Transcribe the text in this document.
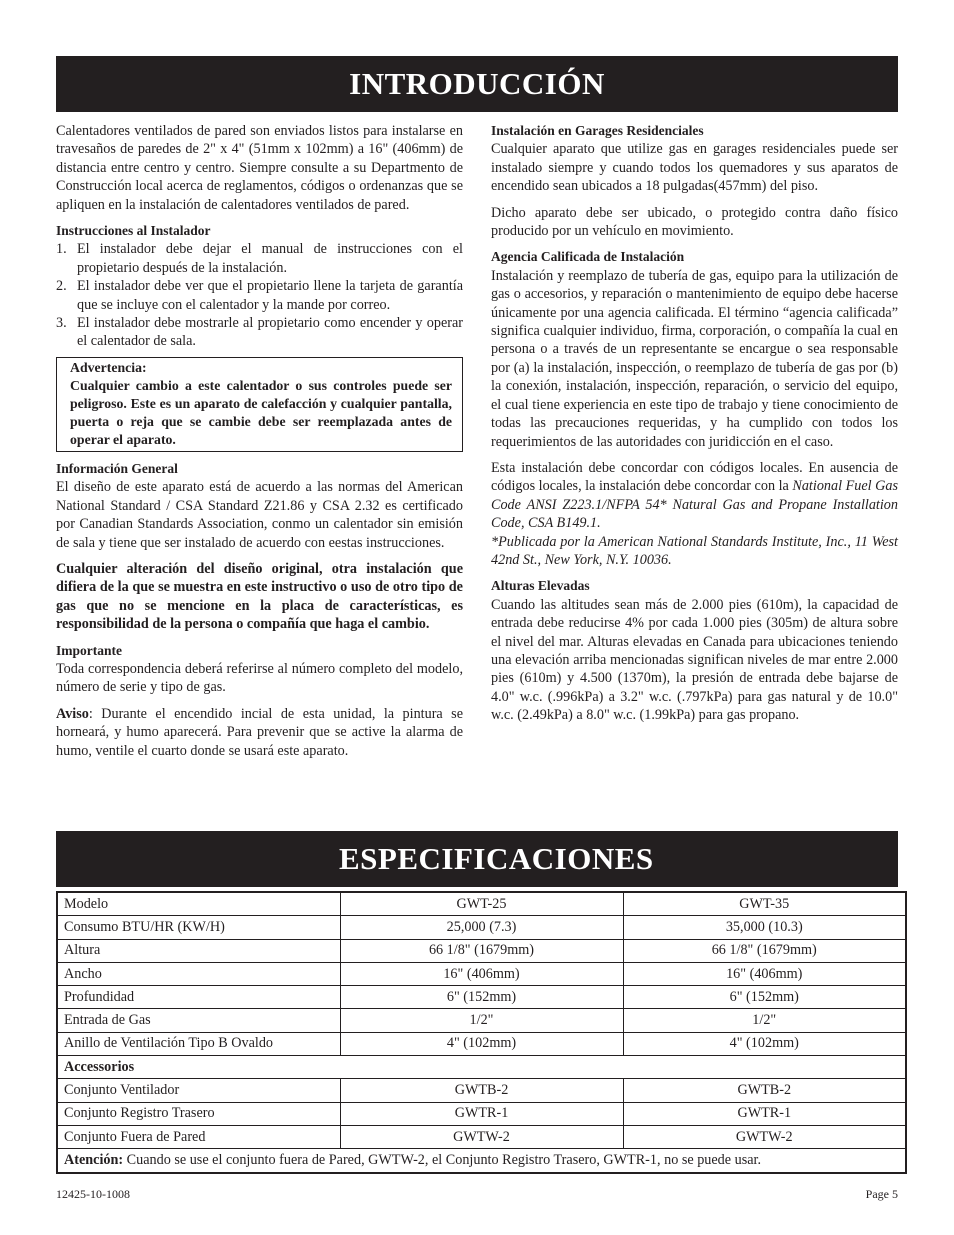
INTRODUCCIÓN

Calentadores ventilados de pared son enviados listos para instalarse en travesaños de paredes de 2" x 4" (51mm x 102mm) a 16" (406mm) de distancia entre centro y centro. Siempre consulte a su Departmento de Construcción local acerca de reglamentos, códigos o ordenanzas que se apliquen en la instalación de calentadores ventilados de pared.

Instrucciones al Instalador
1. El instalador debe dejar el manual de instrucciones con el propietario después de la instalación.
2. El instalador debe ver que el propietario llene la tarjeta de garantía que se incluye con el calentador y la mande por correo.
3. El instalador debe mostrarle al propietario como encender y operar el calentador de sala.
Advertencia:
Cualquier cambio a este calentador o sus controles puede ser peligroso. Este es un aparato de calefacción y cualquier pantalla, puerta o reja que se cambie debe ser reemplazada antes de operar el aparato.
Información General

El diseño de este aparato está de acuerdo a las normas del American National Standard / CSA Standard Z21.86 y CSA 2.32 es certificado por Canadian Standards Association, conmo un calentador sin emisión de sala y tiene que ser instalado de acuerdo con eestas instrucciones.

Cualquier alteración del diseño original, otra instalación que difiera de la que se muestra en este instructivo o uso de otro tipo de gas que no se mencione en la placa de características, es responsibilidad de la persona o compañía que haga el cambio.

Importante

Toda correspondencia deberá referirse al número completo del modelo, número de serie y tipo de gas.

Aviso: Durante el encendido incial de esta unidad, la pintura se horneará, y humo aparecerá. Para prevenir que se active la alarma de humo, ventile el cuarto donde se usará este aparato.

Instalación en Garages Residenciales

Cualquier aparato que utilize gas en garages residenciales puede ser instalado siempre y cuando todos los quemadores y sus aparatos de encendido sean ubicados a 18 pulgadas(457mm) del piso.

Dicho aparato debe ser ubicado, o protegido contra daño físico producido por un vehículo en movimiento.

Agencia Calificada de Instalación

Instalación y reemplazo de tubería de gas, equipo para la utilización de gas o accesorios, y reparación o mantenimiento de equipo debe hacerse únicamente por una agencia calificada. El término “agencia calificada” significa cualquier individuo, firma, corporación, o compañía la cual en persona o a través de un representante se encargue o sea responsable por (a) la instalación, inspección, o reemplazo de tubería de gas por (b) la conexión, instalación, inspección, reparación, o servicio del equipo, el cual tiene experiencia en este tipo de trabajo y tiene conocimiento de todas las precauciones requeridas, y ha cumplido con todos los requerimientos de las autoridades con juridicción en el caso.

Esta instalación debe concordar con códigos locales. En ausencia de códigos locales, la instalación debe concordar con la National Fuel Gas Code ANSI Z223.1/NFPA 54* Natural Gas and Propane Installation Code, CSA B149.1.

*Publicada por la American National Standards Institute, Inc., 11 West 42nd St., New York, N.Y. 10036.

Alturas Elevadas

Cuando las altitudes sean más de 2.000 pies (610m), la capacidad de entrada debe reducirse 4% por cada 1.000 pies (305m) de altura sobre el nivel del mar. Alturas elevadas en Canada para ubicaciones teniendo una elevación arriba mencionadas significan niveles de mar entre 2.000 pies (610m) y 4.500 (1370m), la presión de entrada debe bajarse de 4.0" w.c. (.996kPa) a 3.2" w.c. (.797kPa) para gas natural y de 10.0" w.c. (2.49kPa) a 8.0" w.c. (1.99kPa) para gas propano.

ESPECIFICACIONES
Modelo	GWT-25	GWT-35
Consumo BTU/HR (KW/H)	25,000 (7.3)	35,000 (10.3)
Altura	66 1/8" (1679mm)	66 1/8" (1679mm)
Ancho	16" (406mm)	16" (406mm)
Profundidad	6" (152mm)	6" (152mm)
Entrada de Gas	1/2"	1/2"
Anillo de Ventilación Tipo B Ovaldo	4" (102mm)	4" (102mm)
Accessorios		
Conjunto Ventilador	GWTB-2	GWTB-2
Conjunto Registro Trasero	GWTR-1	GWTR-1
Conjunto Fuera de Pared	GWTW-2	GWTW-2
Atención: Cuando se use el conjunto fuera de Pared, GWTW-2, el Conjunto Registro Trasero, GWTR-1, no se puede usar.		
12425-10-1008	Page 5
